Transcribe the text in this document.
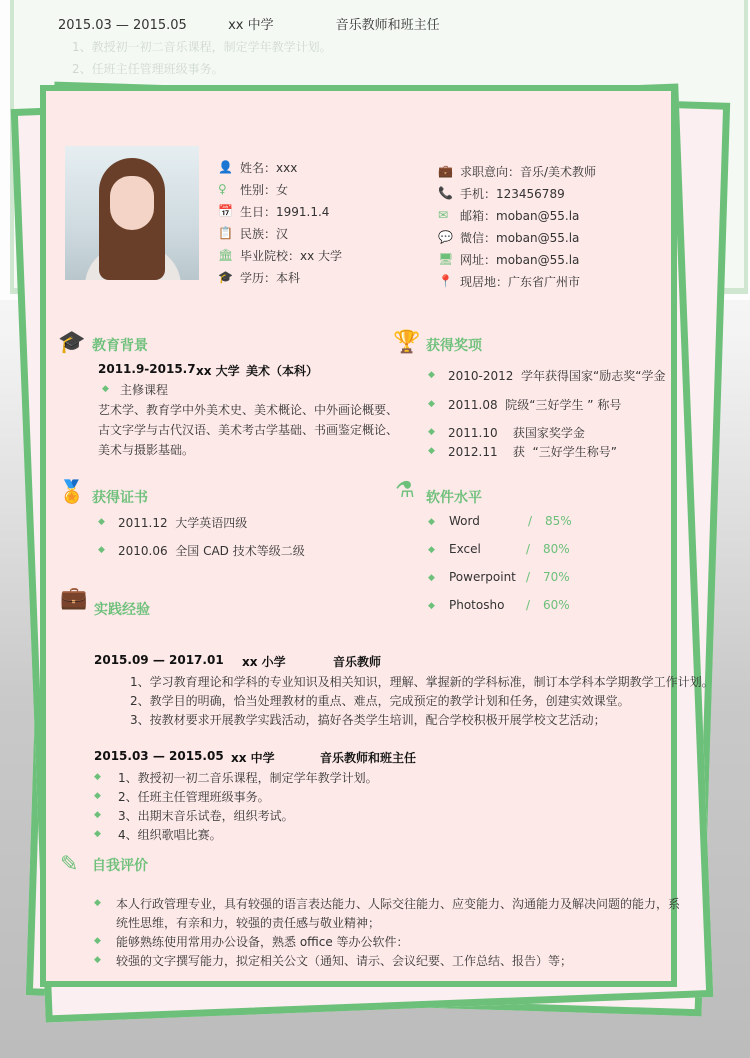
2015.03 — 2015.05          xx 中学               音乐教师和班主任
1、教授初一初二音乐课程，制定学年教学计划。
2、任班主任管理班级事务。
👤 姓名：xxx
♀ 性别：女
📅 生日：1991.1.4
📋 民族：汉
🏛 毕业院校：xx 大学
🎓 学历：本科
💼 求职意向：音乐/美术教师
📞 手机：123456789
✉ 邮箱：moban@55.la
💬 微信：moban@55.la
🖥 网址：moban@55.la
📍 现居地：广东省广州市
🎓 教育背景
2011.9-2015.7 xx 大学 美术（本科）
◆ 主修课程
艺术学、教育学中外美术史、美术概论、中外画论概要、
古文字学与古代汉语、美术考古学基础、书画鉴定概论、
美术与摄影基础。
🏆 获得奖项
◆ 2010-2012  学年获得国家“励志奖“学金
◆ 2011.08  院级“三好学生 ” 称号
◆ 2011.10    获国家奖学金
◆ 2012.11    获  “三好学生称号”
🏅 获得证书
◆ 2011.12  大学英语四级
◆ 2010.06  全国 CAD 技术等级二级
⚗ 软件水平
◆ Word	/ 85%
◆ Excel	/ 80%
◆ Powerpoint / 70%
◆ Photosho / 60%
💼 实践经验
2015.09 — 2017.01 xx 小学	音乐教师
1、学习教育理论和学科的专业知识及相关知识，理解、掌握新的学科标准，制订本学科本学期教学工作计划。
2、教学目的明确，恰当处理教材的重点、难点，完成预定的教学计划和任务，创建实效课堂。
3、按教材要求开展教学实践活动，搞好各类学生培训，配合学校积极开展学校文艺活动；
2015.03 — 2015.05 xx 中学	音乐教师和班主任
◆ 1、教授初一初二音乐课程，制定学年教学计划。
◆ 2、任班主任管理班级事务。
◆ 3、出期末音乐试卷，组织考试。
◆ 4、组织歌唱比赛。
✎ 自我评价
◆ 本人行政管理专业，具有较强的语言表达能力、人际交往能力、应变能力、沟通能力及解决问题的能力，系
统性思维，有亲和力，较强的责任感与敬业精神；
◆ 能够熟练使用常用办公设备，熟悉 office 等办公软件：
◆ 较强的文字撰写能力，拟定相关公文（通知、请示、会议纪要、工作总结、报告）等；
